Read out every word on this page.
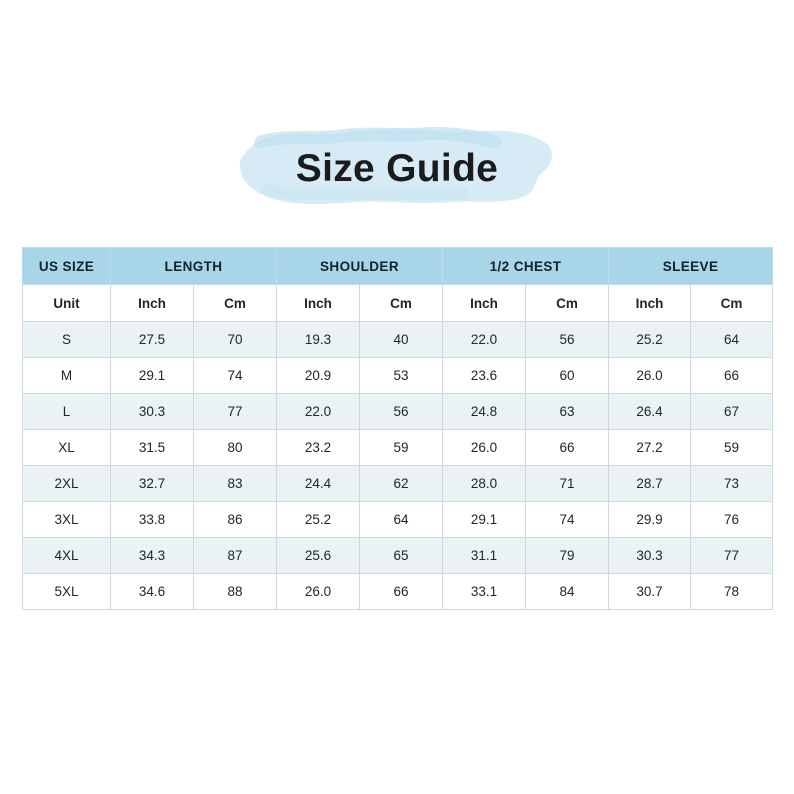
Size Guide
US SIZE	LENGTH		SHOULDER		1/2 CHEST		SLEEVE	
Unit	Inch	Cm	Inch	Cm	Inch	Cm	Inch	Cm
S	27.5	70	19.3	40	22.0	56	25.2	64
M	29.1	74	20.9	53	23.6	60	26.0	66
L	30.3	77	22.0	56	24.8	63	26.4	67
XL	31.5	80	23.2	59	26.0	66	27.2	59
2XL	32.7	83	24.4	62	28.0	71	28.7	73
3XL	33.8	86	25.2	64	29.1	74	29.9	76
4XL	34.3	87	25.6	65	31.1	79	30.3	77
5XL	34.6	88	26.0	66	33.1	84	30.7	78
